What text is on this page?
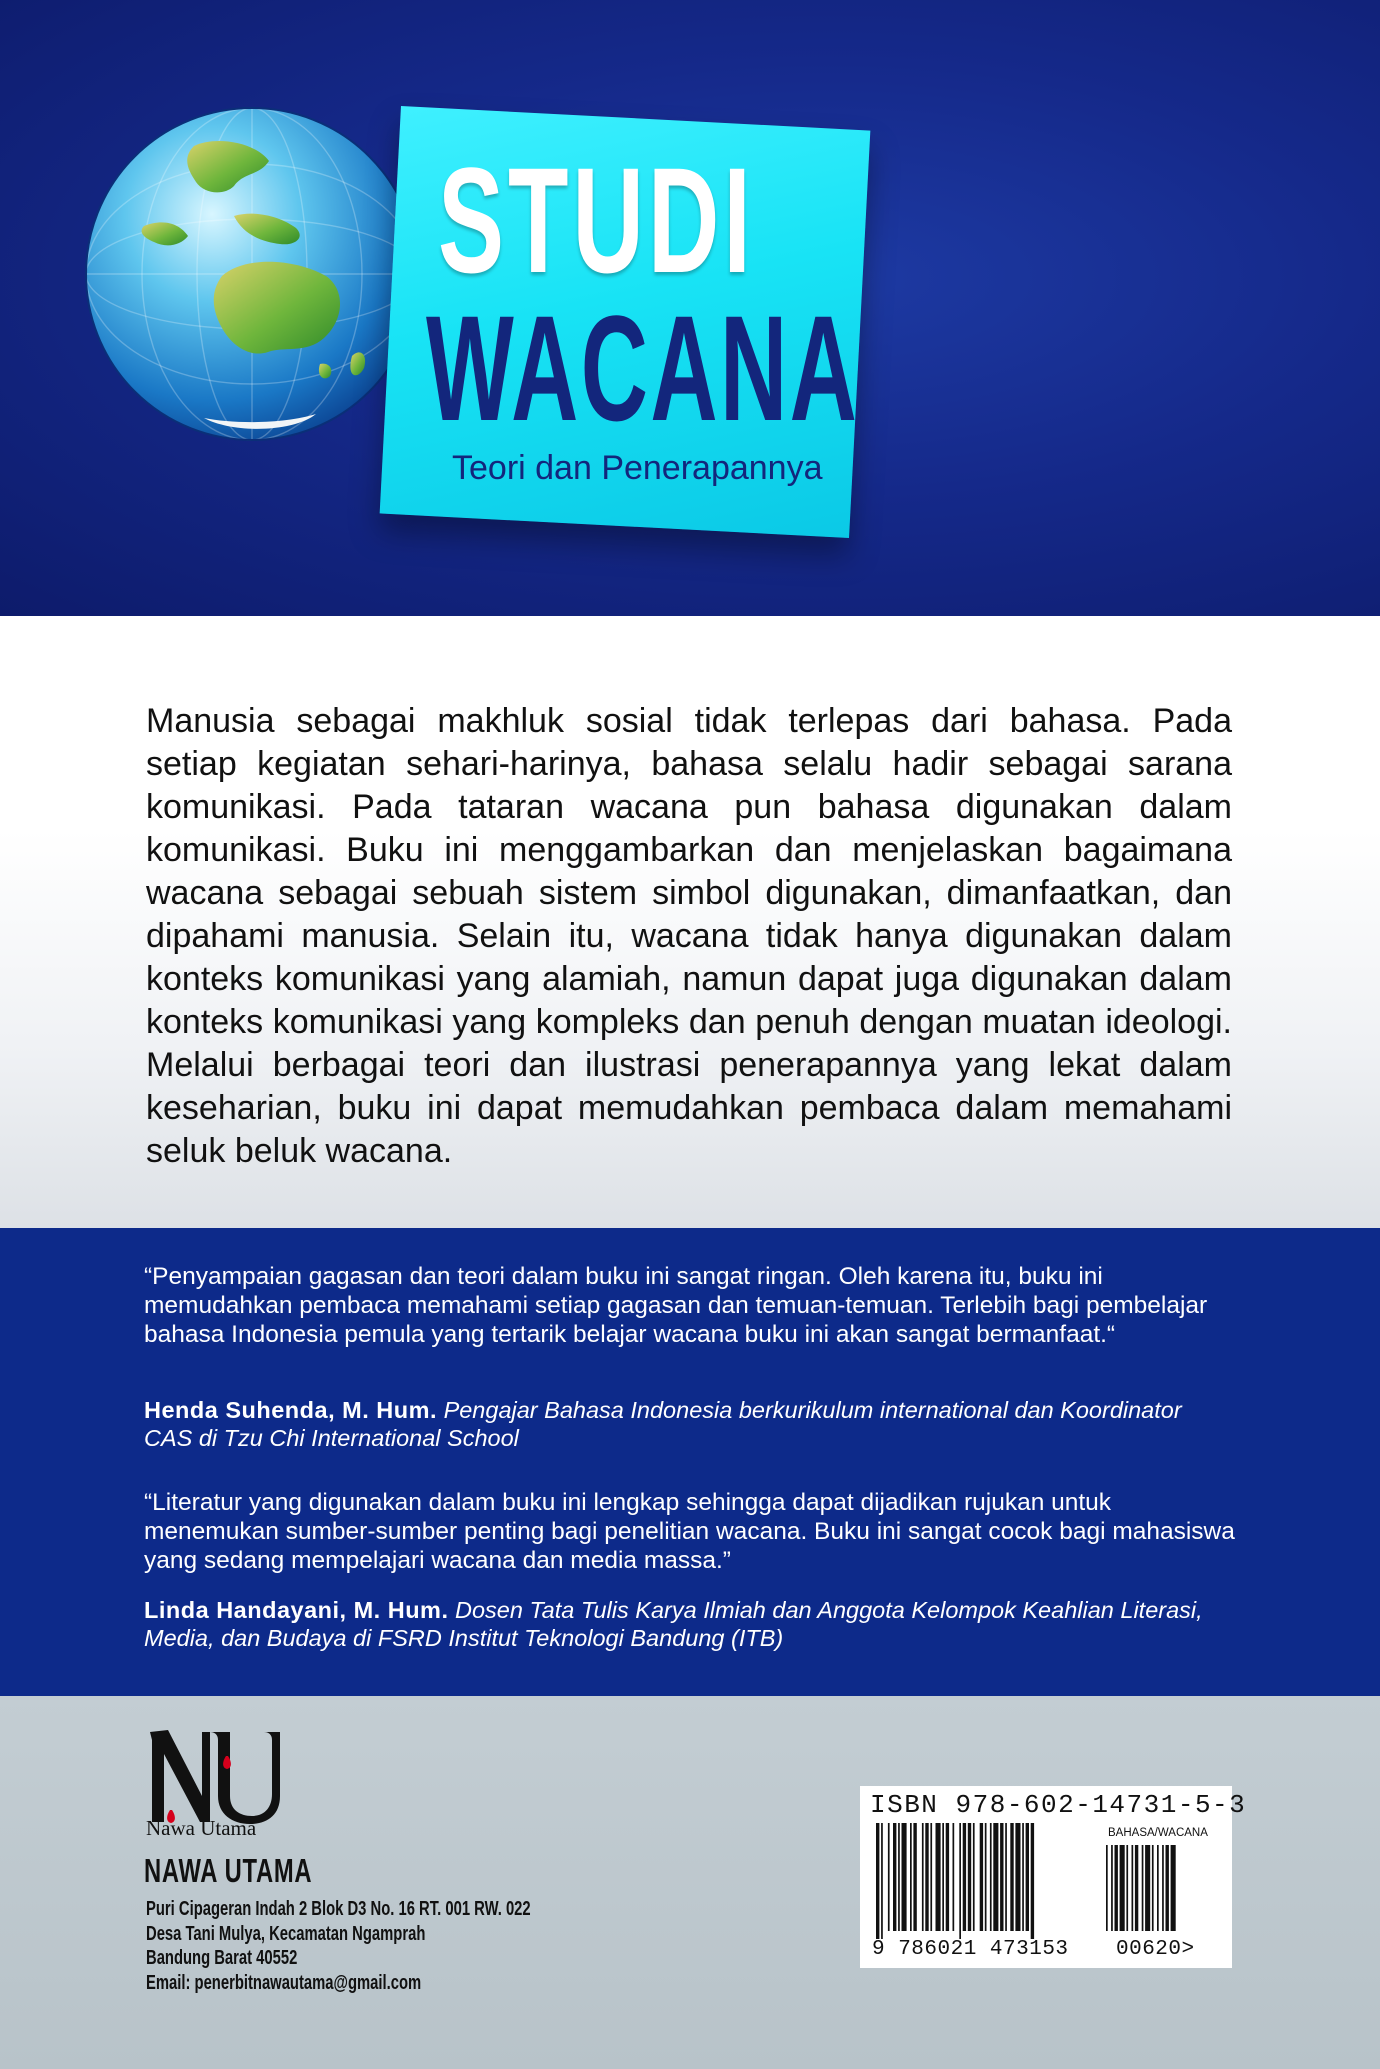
STUDI
WACANA
Teori dan Penerapannya

Manusia sebagai makhluk sosial tidak terlepas dari bahasa. Pada setiap kegiatan sehari-harinya, bahasa selalu hadir sebagai sarana komunikasi. Pada tataran wacana pun bahasa digunakan dalam komunikasi. Buku ini menggambarkan dan menjelaskan bagaimana wacana sebagai sebuah sistem simbol digunakan, dimanfaatkan, dan dipahami manusia. Selain itu, wacana tidak hanya digunakan dalam konteks komunikasi yang alamiah, namun dapat juga digunakan dalam konteks komunikasi yang kompleks dan penuh dengan muatan ideologi. Melalui berbagai teori dan ilustrasi penerapannya yang lekat dalam keseharian, buku ini dapat memudahkan pembaca dalam memahami seluk beluk wacana.

“Penyampaian gagasan dan teori dalam buku ini sangat ringan. Oleh karena itu, buku ini memudahkan pembaca memahami setiap gagasan dan temuan-temuan. Terlebih bagi pembelajar bahasa Indonesia pemula yang tertarik belajar wacana buku ini akan sangat bermanfaat.“

Henda Suhenda, M. Hum. Pengajar Bahasa Indonesia berkurikulum international dan Koordinator CAS di Tzu Chi International School

“Literatur yang digunakan dalam buku ini lengkap sehingga dapat dijadikan rujukan untuk menemukan sumber-sumber penting bagi penelitian wacana. Buku ini sangat cocok bagi mahasiswa yang sedang mempelajari wacana dan media massa.”

Linda Handayani, M. Hum. Dosen Tata Tulis Karya Ilmiah dan Anggota Kelompok Keahlian Literasi, Media, dan Budaya di FSRD Institut Teknologi Bandung (ITB)

Nawa Utama
NAWA UTAMA
Puri Cipageran Indah 2 Blok D3 No. 16 RT. 001 RW. 022
Desa Tani Mulya, Kecamatan Ngamprah
Bandung Barat 40552
Email: penerbitnawautama@gmail.com
ISBN 978-602-14731-5-3
BAHASA/WACANA
9 786021 473153 00620>
